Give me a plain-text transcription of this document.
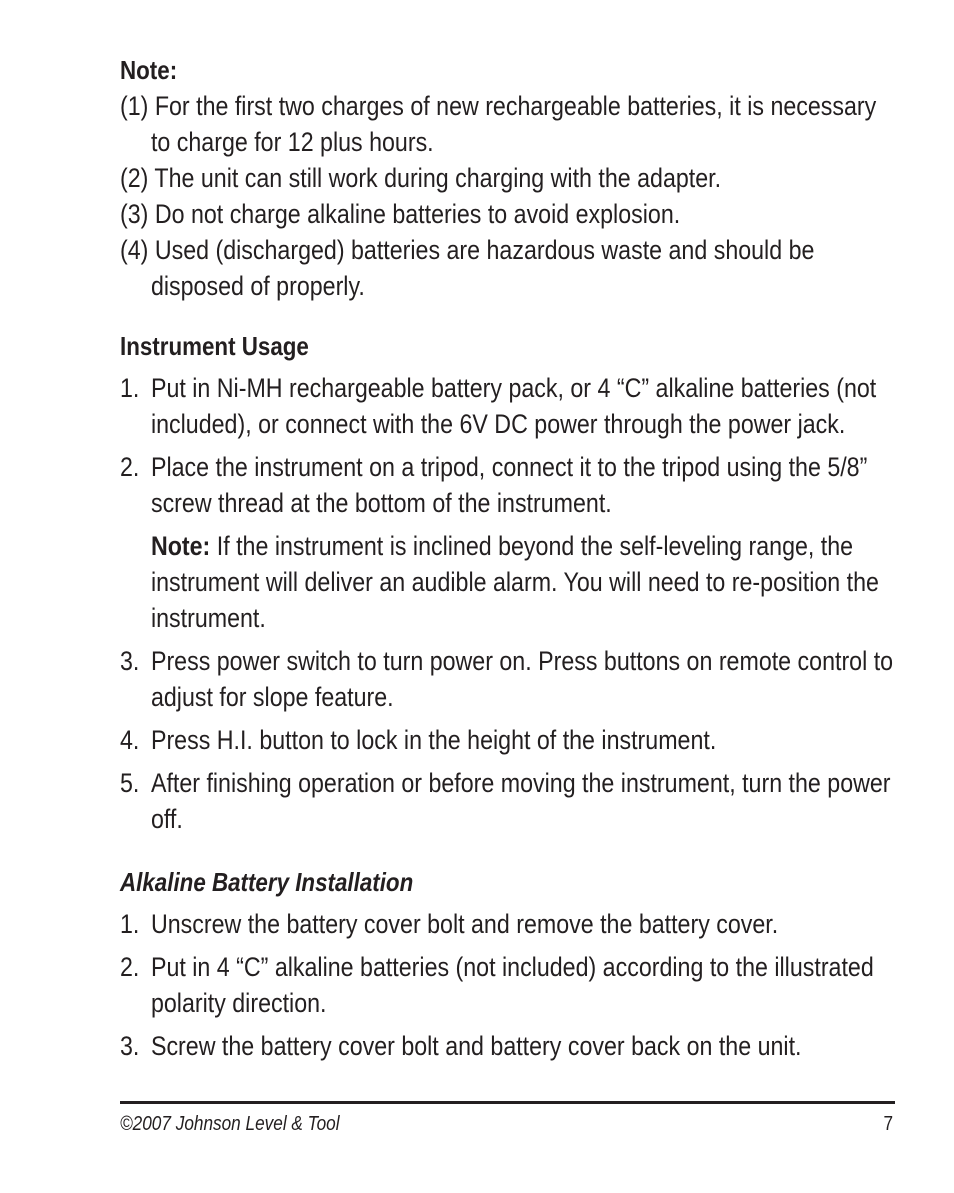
Note:

(1) For the first two charges of new rechargeable batteries, it is necessary to charge for 12 plus hours.

(2) The unit can still work during charging with the adapter.

(3) Do not charge alkaline batteries to avoid explosion.

(4) Used (discharged) batteries are hazardous waste and should be disposed of properly.

Instrument Usage

1. Put in Ni-MH rechargeable battery pack, or 4 “C” alkaline batteries (not included), or connect with the 6V DC power through the power jack.

2. Place the instrument on a tripod, connect it to the tripod using the 5/8” screw thread at the bottom of the instrument.

Note: If the instrument is inclined beyond the self-leveling range, the instrument will deliver an audible alarm. You will need to re-position the instrument.

3. Press power switch to turn power on. Press buttons on remote control to adjust for slope feature.

4. Press H.I. button to lock in the height of the instrument.

5. After finishing operation or before moving the instrument, turn the power off.

Alkaline Battery Installation

1. Unscrew the battery cover bolt and remove the battery cover.

2. Put in 4 “C” alkaline batteries (not included) according to the illustrated polarity direction.

3. Screw the battery cover bolt and battery cover back on the unit.

©2007 Johnson Level & Tool	7
